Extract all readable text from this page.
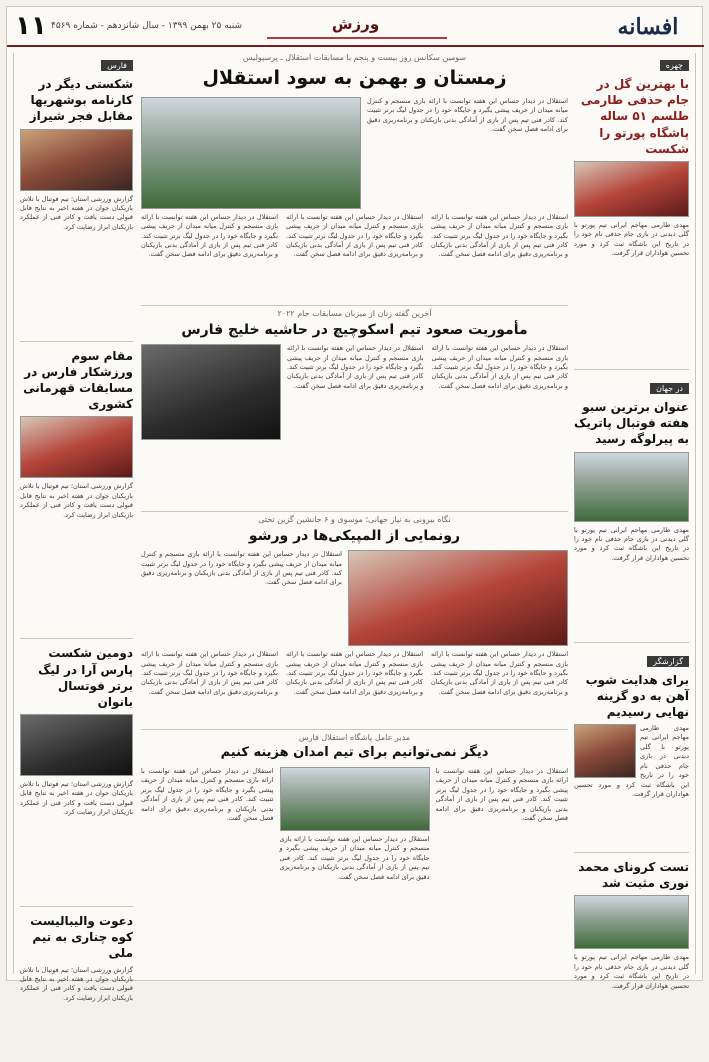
افسانه
ورزش
شنبه ۲۵ بهمن ۱۳۹۹ - سال شانزدهم - شماره ۴۵۶۹
۱۱
چهره
با بهترین گل در جام حذفی طارمی طلسم ۵۱ ساله پاشگاه پورتو را شکست

مهدی طارمی مهاجم ایرانی تیم پورتو با گلی دیدنی در بازی جام حذفی نام خود را در تاریخ این باشگاه ثبت کرد و مورد تحسین هواداران قرار گرفت.

در جهان
عنوان برترین سبو هفته فوتبال پاتریک به پیرلوگه رسید

مهدی طارمی مهاجم ایرانی تیم پورتو با گلی دیدنی در بازی جام حذفی نام خود را در تاریخ این باشگاه ثبت کرد و مورد تحسین هواداران قرار گرفت.

گزارشگر
برای هدایت شوب آهن به دو گزینه نهایی رسیدیم

مهدی طارمی مهاجم ایرانی تیم پورتو با گلی دیدنی در بازی جام حذفی نام خود را در تاریخ این باشگاه ثبت کرد و مورد تحسین هواداران قرار گرفت.

تست کرونای محمد نوری مثبت شد

مهدی طارمی مهاجم ایرانی تیم پورتو با گلی دیدنی در بازی جام حذفی نام خود را در تاریخ این باشگاه ثبت کرد و مورد تحسین هواداران قرار گرفت.

فارس
شکستی دیگر در کارنامه بوشهریها مقابل فجر شیراز

گزارش ورزشی استان؛ تیم فوتبال با تلاش بازیکنان جوان در هفته اخیر به نتایج قابل قبولی دست یافت و کادر فنی از عملکرد بازیکنان ابراز رضایت کرد.

مقام سوم ورزشکار فارس در مسابقات قهرمانی کشوری

گزارش ورزشی استان؛ تیم فوتبال با تلاش بازیکنان جوان در هفته اخیر به نتایج قابل قبولی دست یافت و کادر فنی از عملکرد بازیکنان ابراز رضایت کرد.

دومین شکست پارس آرا در لیگ برتر فوتسال بانوان

گزارش ورزشی استان؛ تیم فوتبال با تلاش بازیکنان جوان در هفته اخیر به نتایج قابل قبولی دست یافت و کادر فنی از عملکرد بازیکنان ابراز رضایت کرد.

دعوت والیبالیست کوه چناری به تیم ملی

گزارش ورزشی استان؛ تیم فوتبال با تلاش بازیکنان جوان در هفته اخیر به نتایج قابل قبولی دست یافت و کادر فنی از عملکرد بازیکنان ابراز رضایت کرد.

سومین سکانس روز بیست و پنجم با مسابقات استقلال ـ پرسپولیس
زمستان و بهمن به سود استقلال

استقلال در دیدار حساس این هفته توانست با ارائه بازی منسجم و کنترل میانه میدان از حریف پیشی بگیرد و جایگاه خود را در جدول لیگ برتر تثبیت کند. کادر فنی تیم پس از بازی از آمادگی بدنی بازیکنان و برنامه‌ریزی دقیق برای ادامه فصل سخن گفت.

استقلال در دیدار حساس این هفته توانست با ارائه بازی منسجم و کنترل میانه میدان از حریف پیشی بگیرد و جایگاه خود را در جدول لیگ برتر تثبیت کند. کادر فنی تیم پس از بازی از آمادگی بدنی بازیکنان و برنامه‌ریزی دقیق برای ادامه فصل سخن گفت.

استقلال در دیدار حساس این هفته توانست با ارائه بازی منسجم و کنترل میانه میدان از حریف پیشی بگیرد و جایگاه خود را در جدول لیگ برتر تثبیت کند. کادر فنی تیم پس از بازی از آمادگی بدنی بازیکنان و برنامه‌ریزی دقیق برای ادامه فصل سخن گفت.

استقلال در دیدار حساس این هفته توانست با ارائه بازی منسجم و کنترل میانه میدان از حریف پیشی بگیرد و جایگاه خود را در جدول لیگ برتر تثبیت کند. کادر فنی تیم پس از بازی از آمادگی بدنی بازیکنان و برنامه‌ریزی دقیق برای ادامه فصل سخن گفت.

آخرین گفته زنان از میزبان مسابقات جام ۲۰۲۲
مأموریت صعود تیم اسکوچیچ در حاشیه خلیج فارس

استقلال در دیدار حساس این هفته توانست با ارائه بازی منسجم و کنترل میانه میدان از حریف پیشی بگیرد و جایگاه خود را در جدول لیگ برتر تثبیت کند. کادر فنی تیم پس از بازی از آمادگی بدنی بازیکنان و برنامه‌ریزی دقیق برای ادامه فصل سخن گفت.

استقلال در دیدار حساس این هفته توانست با ارائه بازی منسجم و کنترل میانه میدان از حریف پیشی بگیرد و جایگاه خود را در جدول لیگ برتر تثبیت کند. کادر فنی تیم پس از بازی از آمادگی بدنی بازیکنان و برنامه‌ریزی دقیق برای ادامه فصل سخن گفت.

نگاه بیرونی به نیاز جهانی؛ موسوی و ۶ جانشین گزین تختی
رونمایی از المپیکی‌ها در ورشو

استقلال در دیدار حساس این هفته توانست با ارائه بازی منسجم و کنترل میانه میدان از حریف پیشی بگیرد و جایگاه خود را در جدول لیگ برتر تثبیت کند. کادر فنی تیم پس از بازی از آمادگی بدنی بازیکنان و برنامه‌ریزی دقیق برای ادامه فصل سخن گفت.

استقلال در دیدار حساس این هفته توانست با ارائه بازی منسجم و کنترل میانه میدان از حریف پیشی بگیرد و جایگاه خود را در جدول لیگ برتر تثبیت کند. کادر فنی تیم پس از بازی از آمادگی بدنی بازیکنان و برنامه‌ریزی دقیق برای ادامه فصل سخن گفت.

استقلال در دیدار حساس این هفته توانست با ارائه بازی منسجم و کنترل میانه میدان از حریف پیشی بگیرد و جایگاه خود را در جدول لیگ برتر تثبیت کند. کادر فنی تیم پس از بازی از آمادگی بدنی بازیکنان و برنامه‌ریزی دقیق برای ادامه فصل سخن گفت.

استقلال در دیدار حساس این هفته توانست با ارائه بازی منسجم و کنترل میانه میدان از حریف پیشی بگیرد و جایگاه خود را در جدول لیگ برتر تثبیت کند. کادر فنی تیم پس از بازی از آمادگی بدنی بازیکنان و برنامه‌ریزی دقیق برای ادامه فصل سخن گفت.

مدیر عامل پاشگاه استقلال فارس
دیگر نمی‌توانیم برای تیم امدان هزینه کنیم

استقلال در دیدار حساس این هفته توانست با ارائه بازی منسجم و کنترل میانه میدان از حریف پیشی بگیرد و جایگاه خود را در جدول لیگ برتر تثبیت کند. کادر فنی تیم پس از بازی از آمادگی بدنی بازیکنان و برنامه‌ریزی دقیق برای ادامه فصل سخن گفت.

استقلال در دیدار حساس این هفته توانست با ارائه بازی منسجم و کنترل میانه میدان از حریف پیشی بگیرد و جایگاه خود را در جدول لیگ برتر تثبیت کند. کادر فنی تیم پس از بازی از آمادگی بدنی بازیکنان و برنامه‌ریزی دقیق برای ادامه فصل سخن گفت.

استقلال در دیدار حساس این هفته توانست با ارائه بازی منسجم و کنترل میانه میدان از حریف پیشی بگیرد و جایگاه خود را در جدول لیگ برتر تثبیت کند. کادر فنی تیم پس از بازی از آمادگی بدنی بازیکنان و برنامه‌ریزی دقیق برای ادامه فصل سخن گفت.
